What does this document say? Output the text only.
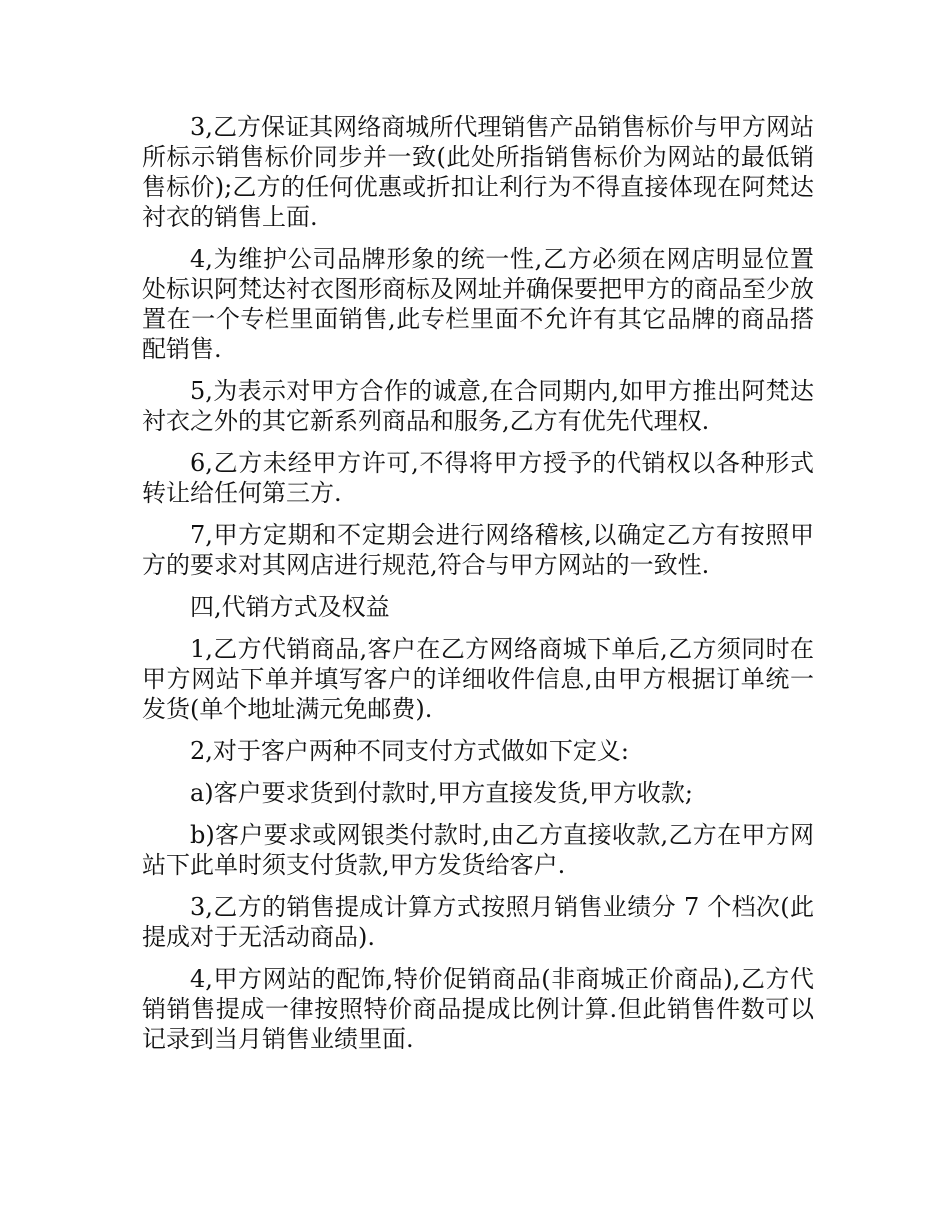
3,乙方保证其网络商城所代理销售产品销售标价与甲方网站所标示销售标价同步并一致(此处所指销售标价为网站的最低销售标价);乙方的任何优惠或折扣让利行为不得直接体现在阿梵达衬衣的销售上面.

4,为维护公司品牌形象的统一性,乙方必须在网店明显位置处标识阿梵达衬衣图形商标及网址并确保要把甲方的商品至少放置在一个专栏里面销售,此专栏里面不允许有其它品牌的商品搭配销售.

5,为表示对甲方合作的诚意,在合同期内,如甲方推出阿梵达衬衣之外的其它新系列商品和服务,乙方有优先代理权.

6,乙方未经甲方许可,不得将甲方授予的代销权以各种形式转让给任何第三方.

7,甲方定期和不定期会进行网络稽核,以确定乙方有按照甲方的要求对其网店进行规范,符合与甲方网站的一致性.

四,代销方式及权益

1,乙方代销商品,客户在乙方网络商城下单后,乙方须同时在甲方网站下单并填写客户的详细收件信息,由甲方根据订单统一发货(单个地址满元免邮费).

2,对于客户两种不同支付方式做如下定义:

a)客户要求货到付款时,甲方直接发货,甲方收款;

b)客户要求或网银类付款时,由乙方直接收款,乙方在甲方网站下此单时须支付货款,甲方发货给客户.

3,乙方的销售提成计算方式按照月销售业绩分 7 个档次(此提成对于无活动商品).

4,甲方网站的配饰,特价促销商品(非商城正价商品),乙方代销销售提成一律按照特价商品提成比例计算.但此销售件数可以记录到当月销售业绩里面.
